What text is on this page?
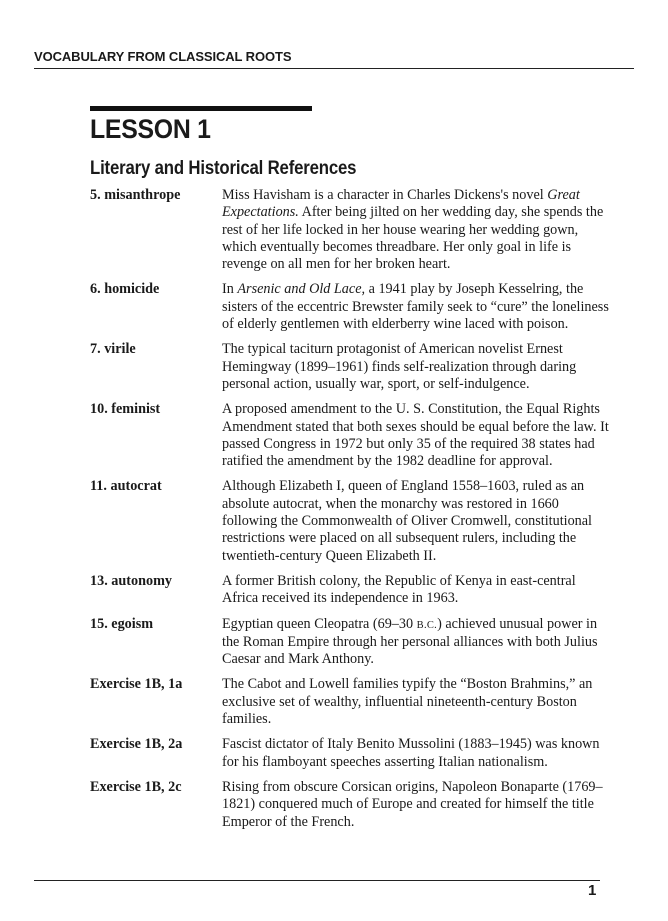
VOCABULARY FROM CLASSICAL ROOTS
LESSON 1
Literary and Historical References
5. misanthrope	Miss Havisham is a character in Charles Dickens's novel Great Expectations. After being jilted on her wedding day, she spends the rest of her life locked in her house wearing her wedding gown, which eventually becomes threadbare. Her only goal in life is revenge on all men for her broken heart.
6. homicide	In Arsenic and Old Lace, a 1941 play by Joseph Kesselring, the sisters of the eccentric Brewster family seek to “cure” the loneliness of elderly gentlemen with elderberry wine laced with poison.
7. virile	The typical taciturn protagonist of American novelist Ernest Hemingway (1899–1961) finds self-realization through daring personal action, usually war, sport, or self-indulgence.
10. feminist	A proposed amendment to the U. S. Constitution, the Equal Rights Amendment stated that both sexes should be equal before the law. It passed Congress in 1972 but only 35 of the required 38 states had ratified the amendment by the 1982 deadline for approval.
11. autocrat	Although Elizabeth I, queen of England 1558–1603, ruled as an absolute autocrat, when the monarchy was restored in 1660 following the Commonwealth of Oliver Cromwell, constitutional restrictions were placed on all subsequent rulers, including the twentieth-century Queen Elizabeth II.
13. autonomy	A former British colony, the Republic of Kenya in east-central Africa received its independence in 1963.
15. egoism	Egyptian queen Cleopatra (69–30 B.C.) achieved unusual power in the Roman Empire through her personal alliances with both Julius Caesar and Mark Anthony.
Exercise 1B, 1a	The Cabot and Lowell families typify the “Boston Brahmins,” an exclusive set of wealthy, influential nineteenth-century Boston families.
Exercise 1B, 2a	Fascist dictator of Italy Benito Mussolini (1883–1945) was known for his flamboyant speeches asserting Italian nationalism.
Exercise 1B, 2c	Rising from obscure Corsican origins, Napoleon Bonaparte (1769–1821) conquered much of Europe and created for himself the title Emperor of the French.
1
